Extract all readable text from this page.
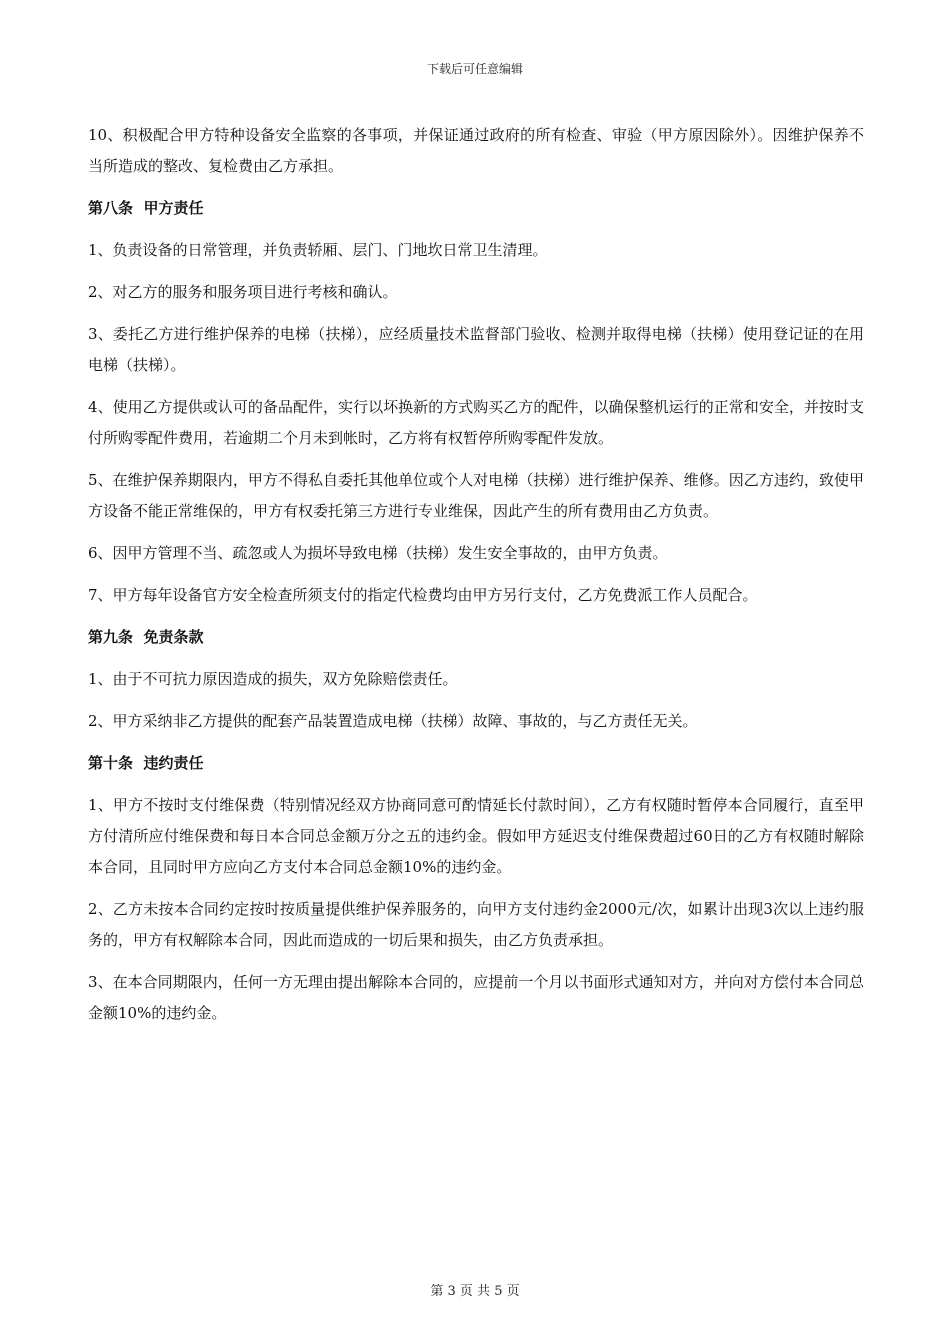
下载后可任意编辑

10、积极配合甲方特种设备安全监察的各事项，并保证通过政府的所有检查、审验（甲方原因除外）。因维护保养不当所造成的整改、复检费由乙方承担。

第八条  甲方责任

1、负责设备的日常管理，并负责轿厢、层门、门地坎日常卫生清理。

2、对乙方的服务和服务项目进行考核和确认。

3、委托乙方进行维护保养的电梯（扶梯），应经质量技术监督部门验收、检测并取得电梯（扶梯）使用登记证的在用电梯（扶梯）。

4、使用乙方提供或认可的备品配件，实行以坏换新的方式购买乙方的配件，以确保整机运行的正常和安全，并按时支付所购零配件费用，若逾期二个月未到帐时，乙方将有权暂停所购零配件发放。

5、在维护保养期限内，甲方不得私自委托其他单位或个人对电梯（扶梯）进行维护保养、维修。因乙方违约，致使甲方设备不能正常维保的，甲方有权委托第三方进行专业维保，因此产生的所有费用由乙方负责。

6、因甲方管理不当、疏忽或人为损坏导致电梯（扶梯）发生安全事故的，由甲方负责。

7、甲方每年设备官方安全检查所须支付的指定代检费均由甲方另行支付，乙方免费派工作人员配合。

第九条  免责条款

1、由于不可抗力原因造成的损失，双方免除赔偿责任。

2、甲方采纳非乙方提供的配套产品装置造成电梯（扶梯）故障、事故的，与乙方责任无关。

第十条  违约责任

1、甲方不按时支付维保费（特别情况经双方协商同意可酌情延长付款时间），乙方有权随时暂停本合同履行，直至甲方付清所应付维保费和每日本合同总金额万分之五的违约金。假如甲方延迟支付维保费超过60日的乙方有权随时解除本合同，且同时甲方应向乙方支付本合同总金额10%的违约金。

2、乙方未按本合同约定按时按质量提供维护保养服务的，向甲方支付违约金2000元/次，如累计出现3次以上违约服务的，甲方有权解除本合同，因此而造成的一切后果和损失，由乙方负责承担。

3、在本合同期限内，任何一方无理由提出解除本合同的，应提前一个月以书面形式通知对方，并向对方偿付本合同总金额10%的违约金。

第 3 页 共 5 页
